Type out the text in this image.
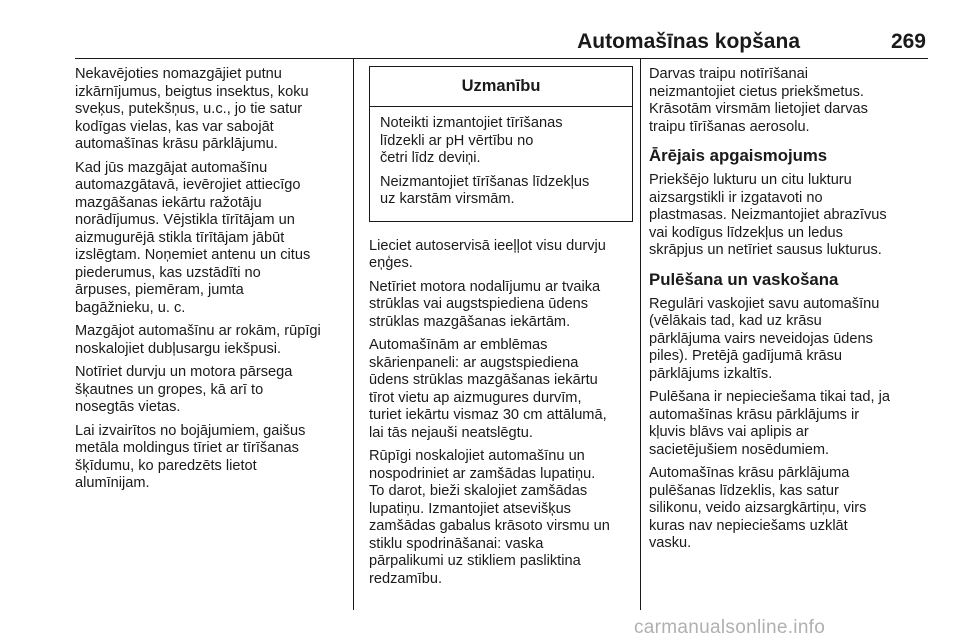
Automašīnas kopšana	269

Nekavējoties nomazgājiet putnu
izkārnījumus, beigtus insektus, koku
sveķus, putekšņus, u.c., jo tie satur
kodīgas vielas, kas var sabojāt
automašīnas krāsu pārklājumu.

Kad jūs mazgājat automašīnu
automazgātavā, ievērojiet attiecīgo
mazgāšanas iekārtu ražotāju
norādījumus. Vējstikla tīrītājam un
aizmugurējā stikla tīrītājam jābūt
izslēgtam. Noņemiet antenu un citus
piederumus, kas uzstādīti no
ārpuses, piemēram, jumta
bagāžnieku, u. c.

Mazgājot automašīnu ar rokām, rūpīgi
noskalojiet dubļusargu iekšpusi.

Notīriet durvju un motora pārsega
šķautnes un gropes, kā arī to
nosegtās vietas.

Lai izvairītos no bojājumiem, gaišus
metāla moldingus tīriet ar tīrīšanas
šķīdumu, ko paredzēts lietot
alumīnijam.

Uzmanību

Noteikti izmantojiet tīrīšanas
līdzekli ar pH vērtību no
četri līdz deviņi.

Neizmantojiet tīrīšanas līdzekļus
uz karstām virsmām.

Lieciet autoservisā ieeļļot visu durvju
eņģes.

Netīriet motora nodalījumu ar tvaika
strūklas vai augstspiediena ūdens
strūklas mazgāšanas iekārtām.

Automašīnām ar emblēmas
skārienpaneli: ar augstspiediena
ūdens strūklas mazgāšanas iekārtu
tīrot vietu ap aizmugures durvīm,
turiet iekārtu vismaz 30 cm attālumā,
lai tās nejauši neatslēgtu.

Rūpīgi noskalojiet automašīnu un
nospodriniet ar zamšādas lupatiņu.
To darot, bieži skalojiet zamšādas
lupatiņu. Izmantojiet atsevišķus
zamšādas gabalus krāsoto virsmu un
stiklu spodrināšanai: vaska
pārpalikumi uz stikliem pasliktina
redzamību.

Darvas traipu notīrīšanai
neizmantojiet cietus priekšmetus.
Krāsotām virsmām lietojiet darvas
traipu tīrīšanas aerosolu.

Ārējais apgaismojums

Priekšējo lukturu un citu lukturu
aizsargstikli ir izgatavoti no
plastmasas. Neizmantojiet abrazīvus
vai kodīgus līdzekļus un ledus
skrāpjus un netīriet sausus lukturus.

Pulēšana un vaskošana

Regulāri vaskojiet savu automašīnu
(vēlākais tad, kad uz krāsu
pārklājuma vairs neveidojas ūdens
piles). Pretējā gadījumā krāsu
pārklājums izkaltīs.

Pulēšana ir nepieciešama tikai tad, ja
automašīnas krāsu pārklājums ir
kļuvis blāvs vai aplipis ar
sacietējušiem nosēdumiem.

Automašīnas krāsu pārklājuma
pulēšanas līdzeklis, kas satur
silikonu, veido aizsargkārtiņu, virs
kuras nav nepieciešams uzklāt
vasku.

carmanualsonline.info
